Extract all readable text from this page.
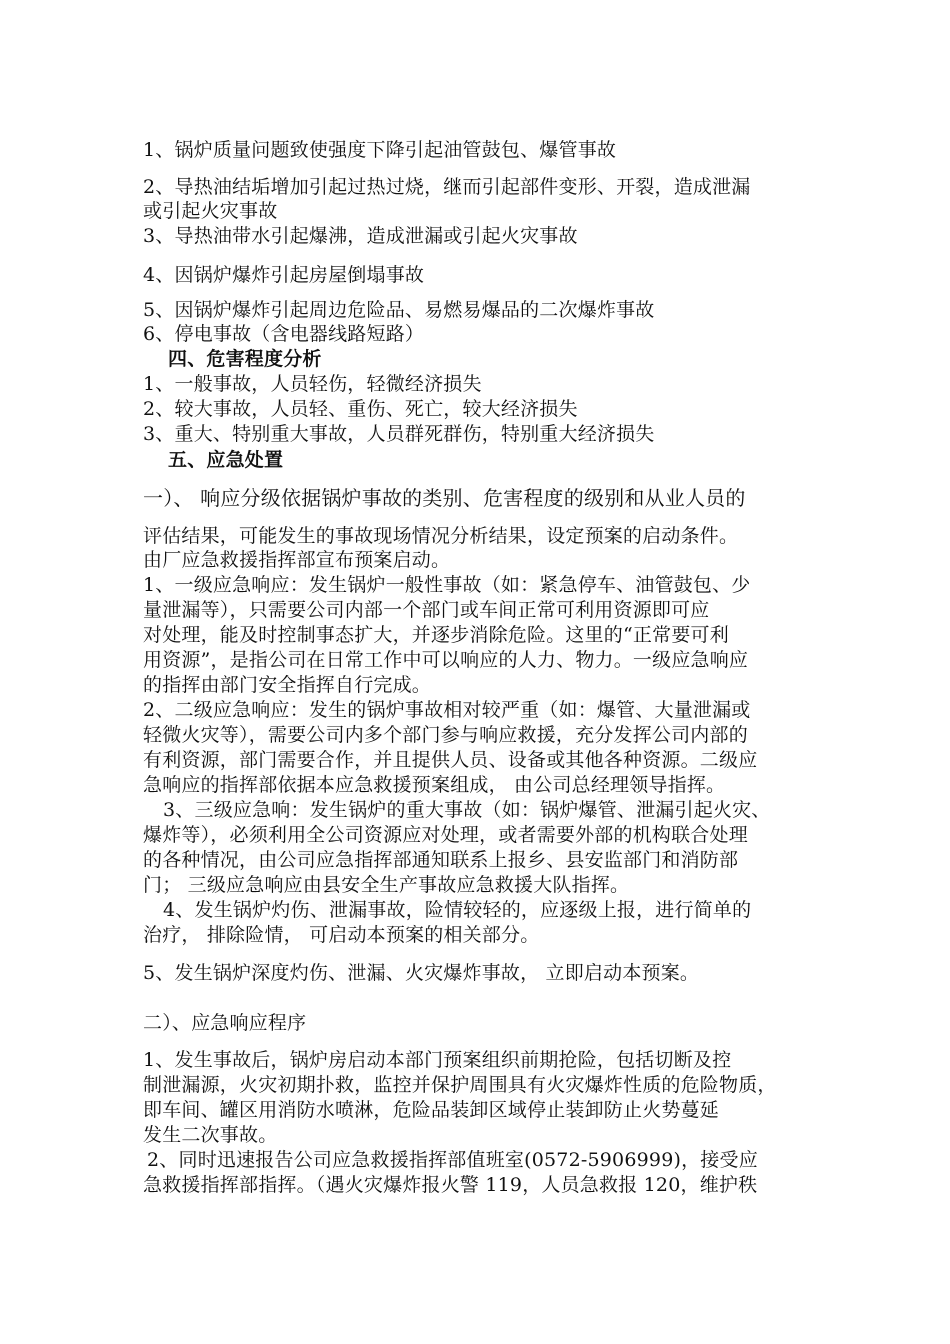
1、锅炉质量问题致使强度下降引起油管鼓包、爆管事故
2、导热油结垢增加引起过热过烧，继而引起部件变形、开裂，造成泄漏
或引起火灾事故
3、导热油带水引起爆沸，造成泄漏或引起火灾事故
4、因锅炉爆炸引起房屋倒塌事故
5、因锅炉爆炸引起周边危险品、易燃易爆品的二次爆炸事故
6、停电事故（含电器线路短路）
四、危害程度分析
1、一般事故，人员轻伤，轻微经济损失
2、较大事故，人员轻、重伤、死亡，较大经济损失
3、重大、特别重大事故，人员群死群伤，特别重大经济损失
五、应急处置
一）、 响应分级依据锅炉事故的类别、危害程度的级别和从业人员的
评估结果，可能发生的事故现场情况分析结果，设定预案的启动条件。
由厂应急救援指挥部宣布预案启动。
1、一级应急响应：发生锅炉一般性事故（如：紧急停车、油管鼓包、少
量泄漏等），只需要公司内部一个部门或车间正常可利用资源即可应
对处理，能及时控制事态扩大，并逐步消除危险。这里的“正常要可利
用资源”，是指公司在日常工作中可以响应的人力、物力。一级应急响应
的指挥由部门安全指挥自行完成。
2、二级应急响应：发生的锅炉事故相对较严重（如：爆管、大量泄漏或
轻微火灾等），需要公司内多个部门参与响应救援，充分发挥公司内部的
有利资源，部门需要合作，并且提供人员、设备或其他各种资源。二级应
急响应的指挥部依据本应急救援预案组成， 由公司总经理领导指挥。
3、三级应急响：发生锅炉的重大事故（如：锅炉爆管、泄漏引起火灾、
爆炸等），必须利用全公司资源应对处理，或者需要外部的机构联合处理
的各种情况，由公司应急指挥部通知联系上报乡、县安监部门和消防部
门； 三级应急响应由县安全生产事故应急救援大队指挥。
4、发生锅炉灼伤、泄漏事故，险情较轻的，应逐级上报，进行简单的
治疗， 排除险情， 可启动本预案的相关部分。
5、发生锅炉深度灼伤、泄漏、火灾爆炸事故， 立即启动本预案。
二）、应急响应程序
1、发生事故后，锅炉房启动本部门预案组织前期抢险，包括切断及控
制泄漏源，火灾初期扑救，监控并保护周围具有火灾爆炸性质的危险物质，
即车间、罐区用消防水喷淋，危险品装卸区域停止装卸防止火势蔓延
发生二次事故。
2、同时迅速报告公司应急救援指挥部值班室(0572-5906999)，接受应
急救援指挥部指挥。（遇火灾爆炸报火警 119，人员急救报 120，维护秩
